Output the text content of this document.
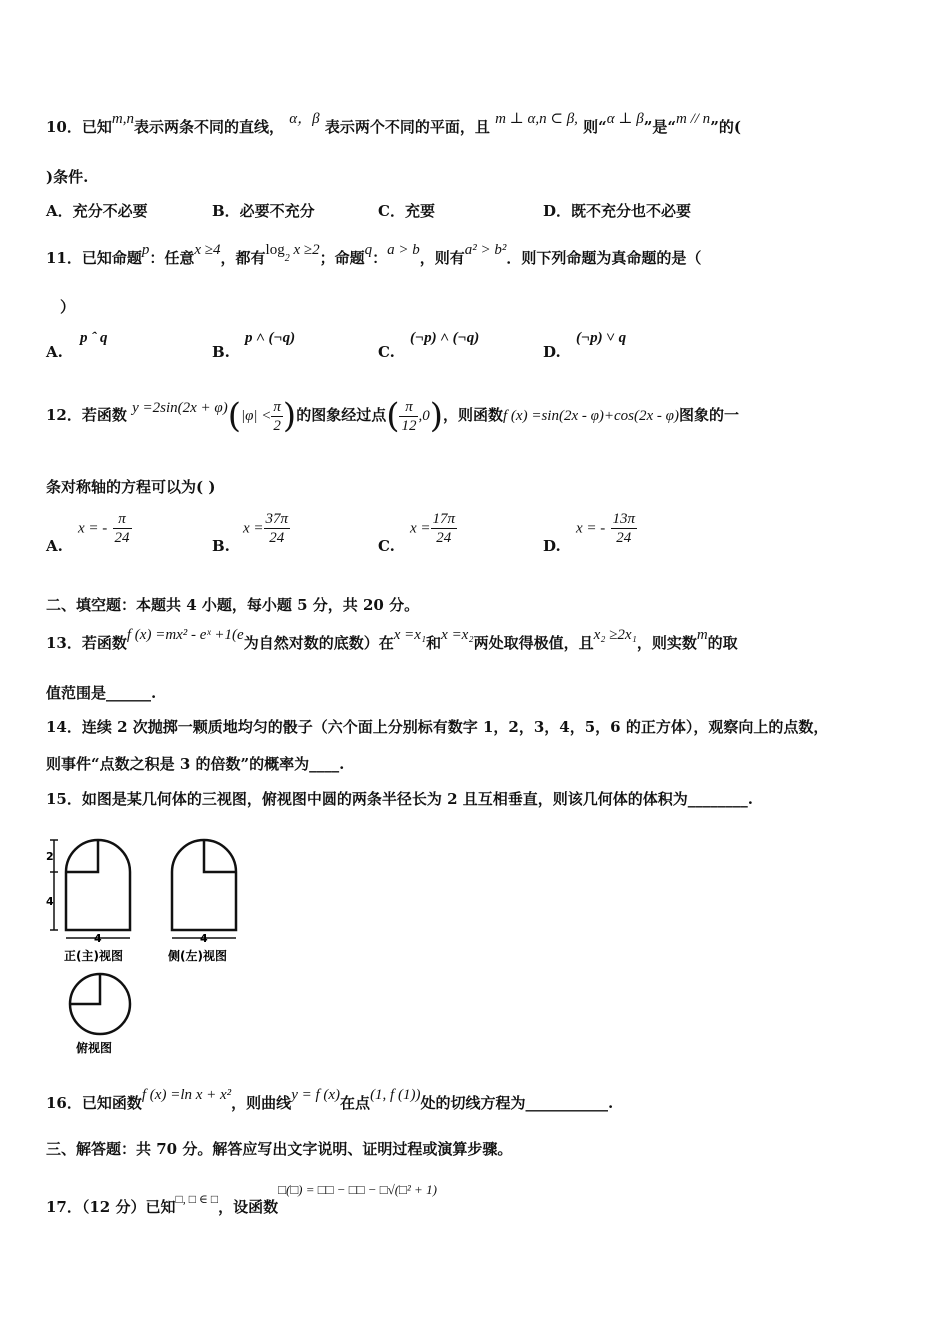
10．已知m,n表示两条不同的直线， α，β 表示两个不同的平面，且 m ⊥ α,n ⊂ β, 则“α ⊥ β”是“m // n”的(
)条件.
A．充分不必要	B．必要不充分	C．充要	D．既不充分也不必要
11．已知命题p：任意x ≥4，都有$\log_2 x \ge 2$；命题q：a > b，则有a² > b²．则下列命题为真命题的是（
）
A.
p ˆ q
B.
p ˄ (¬q)
C.
(¬p) ˄ (¬q)
D.
(¬p) ˅ q
12．若函数 $y =2\sin(2x + \varphi)(|\varphi| < \frac{\pi}{2}$ )的图象经过点( $\frac{\pi}{12} ,0$)，则函数f (x) =sin(2x - φ)+cos(2x - φ)图象的一
条对称轴的方程可以为( )
A.
x = - $\frac{\pi}{24}$	B.
$x = \frac{37\pi}{24}$	C.
$x = \frac{17\pi}{24}$	D.
x = - $\frac{13\pi}{24}$
二、填空题：本题共 4 小题，每小题 5 分，共 20 分。
13．若函数f (x) =mx² - eˣ +1(e为自然对数的底数）在x =x₁和x =x₂两处取得极值，且x₂ ≥2x₁，则实数m的取
值范围是______.
14．连续 2 次抛掷一颗质地均匀的骰子（六个面上分别标有数字 1，2，3，4，5，6 的正方体），观察向上的点数，
则事件“点数之积是 3 的倍数”的概率为____.
15．如图是某几何体的三视图，俯视图中圆的两条半径长为 2 且互相垂直，则该几何体的体积为________.
2
4
4
正(主)视图
4
侧(左)视图
俯视图
16．已知函数f (x) =ln x + x²，则曲线y = f (x)在点(1, f (1))处的切线方程为___________.
三、解答题：共 70 分。解答应写出文字说明、证明过程或演算步骤。
17．（12 分）已知□, □ ∈ □，设函数□(□) = □□ − □□ − □√(□² + 1)
